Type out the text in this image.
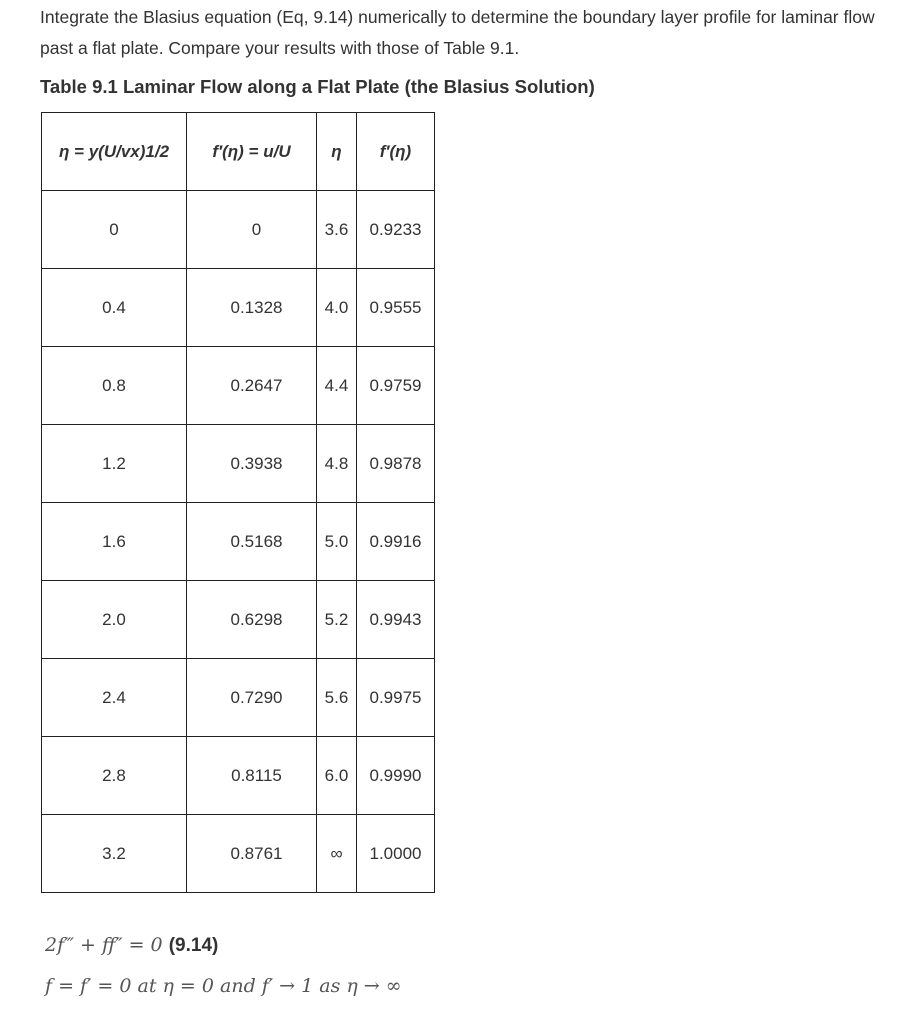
Integrate the Blasius equation (Eq, 9.14) numerically to determine the boundary layer profile for laminar flow past a flat plate. Compare your results with those of Table 9.1.
Table 9.1 Laminar Flow along a Flat Plate (the Blasius Solution)
η = y(U/vx)1/2	f′(η) = u/U	η	f′(η)
0	0	3.6	0.9233
0.4	0.1328	4.0	0.9555
0.8	0.2647	4.4	0.9759
1.2	0.3938	4.8	0.9878
1.6	0.5168	5.0	0.9916
2.0	0.6298	5.2	0.9943
2.4	0.7290	5.6	0.9975
2.8	0.8115	6.0	0.9990
3.2	0.8761	∞	1.0000
2f‴ + ff″ = 0 (9.14)
f = f′ = 0 at η = 0 and f′ → 1 as η → ∞
